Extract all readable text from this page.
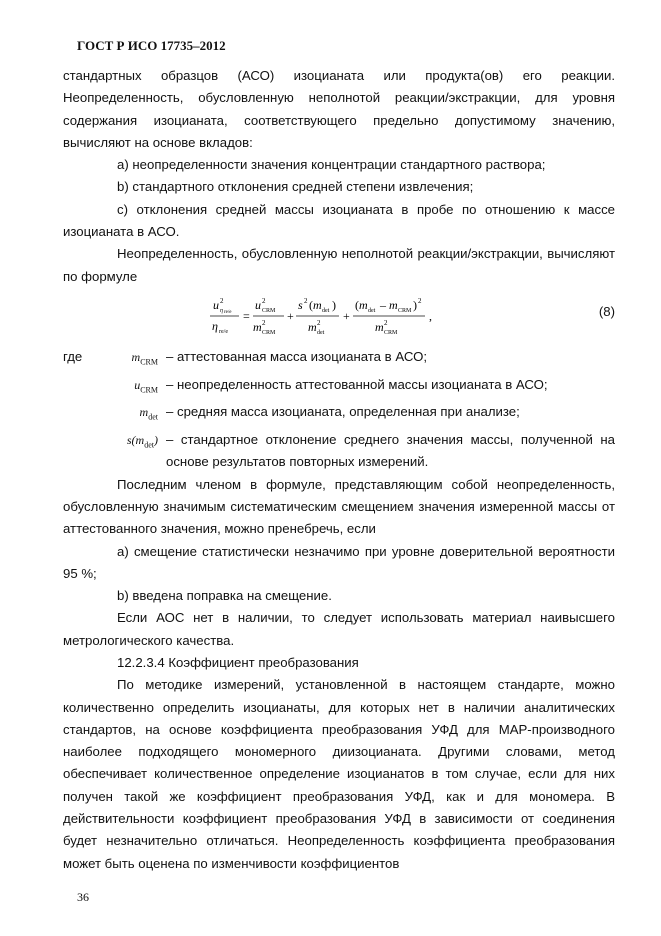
ГОСТ Р ИСО 17735–2012

стандартных образцов (АСО) изоцианата или продукта(ов) его реакции. Неопределенность, обусловленную неполнотой реакции/экстракции, для уровня содержания изоцианата, соответствующего предельно допустимому значению, вычисляют на основе вкладов:

а) неопределенности значения концентрации стандартного раствора;

b) стандартного отклонения средней степени извлечения;

с) отклонения средней массы изоцианата в пробе по отношению к массе изоцианата в АСО.

Неопределенность, обусловленную неполнотой реакции/экстракции, вычисляют по формуле

u 2
η re/e
η re/e
=
u 2
CRM
m 2
CRM
+
s 2 ( m det )
m 2
det
+
( m det – m CRM ) 2
m 2
CRM
,	(8)
где	$m_{CRM}$ – аттестованная масса изоцианата в АСО;
$u_{CRM}$ – неопределенность аттестованной массы изоцианата в АСО;
$m_{det}$ – средняя масса изоцианата, определенная при анализе;
$s(m_{det})$ – стандартное отклонение среднего значения массы, полученной на основе результатов повторных измерений.

Последним членом в формуле, представляющим собой неопределенность, обусловленную значимым систематическим смещением значения измеренной массы от аттестованного значения, можно пренебречь, если

а) смещение статистически незначимо при уровне доверительной вероятности 95 %;

b) введена поправка на смещение.

Если АОС нет в наличии, то следует использовать материал наивысшего метрологического качества.

12.2.3.4 Коэффициент преобразования

По методике измерений, установленной в настоящем стандарте, можно количественно определить изоцианаты, для которых нет в наличии аналитических стандартов, на основе коэффициента преобразования УФД для МАР-производного наиболее подходящего мономерного диизоцианата. Другими словами, метод обеспечивает количественное определение изоцианатов в том случае, если для них получен такой же коэффициент преобразования УФД, как и для мономера. В действительности коэффициент преобразования УФД в зависимости от соединения будет незначительно отличаться. Неопределенность коэффициента преобразования может быть оценена по изменчивости коэффициентов

36
